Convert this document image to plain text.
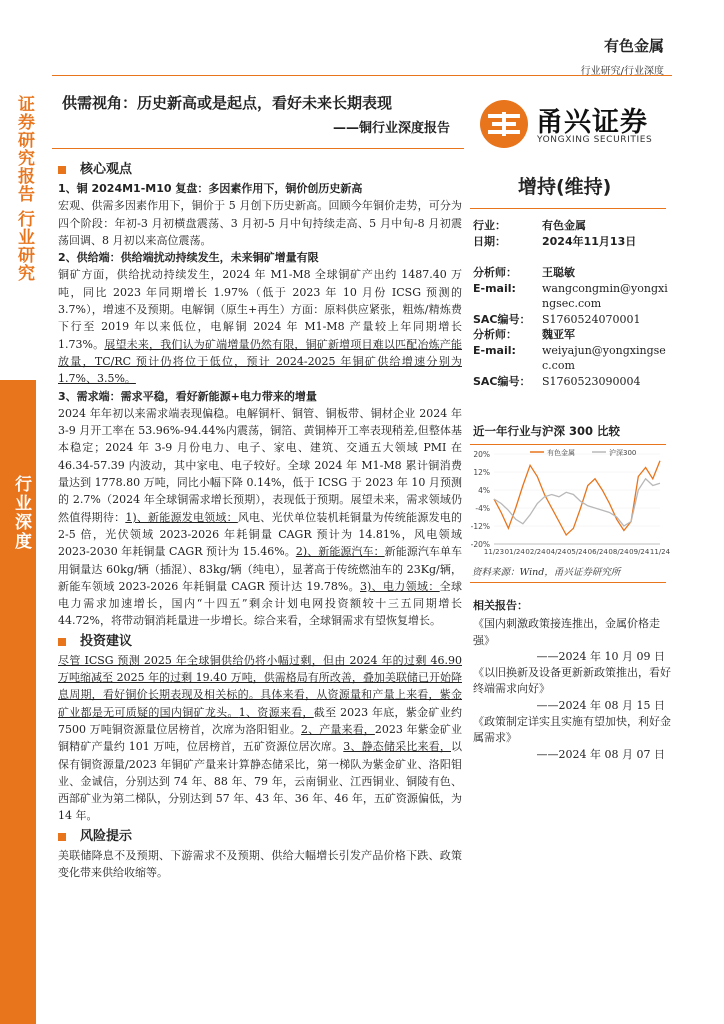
证券研究报告 行业研究
行业深度
有色金属
行业研究/行业深度
供需视角：历史新高或是起点，看好未来长期表现
——铜行业深度报告	甬兴证券
YONGXING SECURITIES
核心观点
1、铜 2024M1-M10 复盘：多因素作用下，铜价创历史新高

宏观、供需多因素作用下，铜价于 5 月创下历史新高。回顾今年铜价走势，可分为四个阶段：年初-3 月初横盘震荡、3 月初-5 月中旬持续走高、5 月中旬-8 月初震荡回调、8 月初以来高位震荡。

2、供给端：供给端扰动持续发生，未来铜矿增量有限

铜矿方面，供给扰动持续发生，2024 年 M1-M8 全球铜矿产出约 1487.40 万吨，同比 2023 年同期增长 1.97%（低于 2023 年 10 月份 ICSG 预测的 3.7%），增速不及预期。电解铜（原生+再生）方面：原料供应紧张，粗炼/精炼费下行至 2019 年以来低位，电解铜 2024 年 M1-M8 产量较上年同期增长 1.73%。展望未来，我们认为矿端增量仍然有限，铜矿新增项目难以匹配冶炼产能放量，TC/RC 预计仍将位于低位，预计 2024-2025 年铜矿供给增速分别为 1.7%、3.5%。

3、需求端：需求平稳，看好新能源+电力带来的增量

2024 年年初以来需求端表现偏稳。电解铜杆、铜管、铜板带、铜材企业 2024 年 3-9 月开工率在 53.96%-94.44%内震荡，铜箔、黄铜棒开工率表现稍差,但整体基本稳定；2024 年 3-9 月份电力、电子、家电、建筑、交通五大领域 PMI 在 46.34-57.39 内波动，其中家电、电子较好。全球 2024 年 M1-M8 累计铜消费量达到 1778.80 万吨，同比小幅下降 0.14%，低于 ICSG 于 2023 年 10 月预测的 2.7%（2024 年全球铜需求增长预期），表现低于预期。展望未来，需求领域仍然值得期待：1)、新能源发电领域：风电、光伏单位装机耗铜量为传统能源发电的 2-5 倍，光伏领域 2023-2026 年耗铜量 CAGR 预计为 14.81%，风电领域 2023-2030 年耗铜量 CAGR 预计为 15.46%。2)、新能源汽车：新能源汽车单车用铜量达 60kg/辆（插混）、83kg/辆（纯电），显著高于传统燃油车的 23Kg/辆，新能车领域 2023-2026 年耗铜量 CAGR 预计达 19.78%。3)、电力领域：全球电力需求加速增长，国内“十四五”剩余计划电网投资额较十三五同期增长 44.72%，将带动铜消耗量进一步增长。综合来看，全球铜需求有望恢复增长。

投资建议

尽管 ICSG 预测 2025 年全球铜供给仍将小幅过剩，但由 2024 年的过剩 46.90 万吨缩减至 2025 年的过剩 19.40 万吨，供需格局有所改善，叠加美联储已开始降息周期，看好铜价长期表现及相关标的。具体来看，从资源量和产量上来看，紫金矿业都是无可质疑的国内铜矿龙头。1、资源来看，截至 2023 年底，紫金矿业约 7500 万吨铜资源量位居榜首，次席为洛阳钼业。2、产量来看，2023 年紫金矿业铜精矿产量约 101 万吨，位居榜首，五矿资源位居次席。3、静态储采比来看，以保有铜资源量/2023 年铜矿产量来计算静态储采比，第一梯队为紫金矿业、洛阳钼业、金诚信，分别达到 74 年、88 年、79 年，云南铜业、江西铜业、铜陵有色、西部矿业为第二梯队，分别达到 57 年、43 年、36 年、46 年，五矿资源偏低，为 14 年。

风险提示

美联储降息不及预期、下游需求不及预期、供给大幅增长引发产品价格下跌、政策变化带来供给收缩等。

增持(维持)
行业：	有色金属
日期：	2024年11月13日
分析师：	王聪敏
E-mail:	wangcongmin@yongxingsec.com
SAC编号：	S1760524070001
分析师：	魏亚军
E-mail:	weiyajun@yongxingsec.com
SAC编号：	S1760523090004
近一年行业与沪深 300 比较
20%
12%
4%
-4%
-12%
-20%
11/23 01/24 02/24 04/24 05/24 06/24 08/24 09/24 11/24
有色金属	沪深300
资料来源：Wind，甬兴证券研究所
相关报告：
《国内刺激政策接连推出，金属价格走强》
——2024 年 10 月 09 日
《以旧换新及设备更新新政策推出，看好终端需求向好》
——2024 年 08 月 15 日
《政策制定详实且实施有望加快，利好金属需求》
——2024 年 08 月 07 日
